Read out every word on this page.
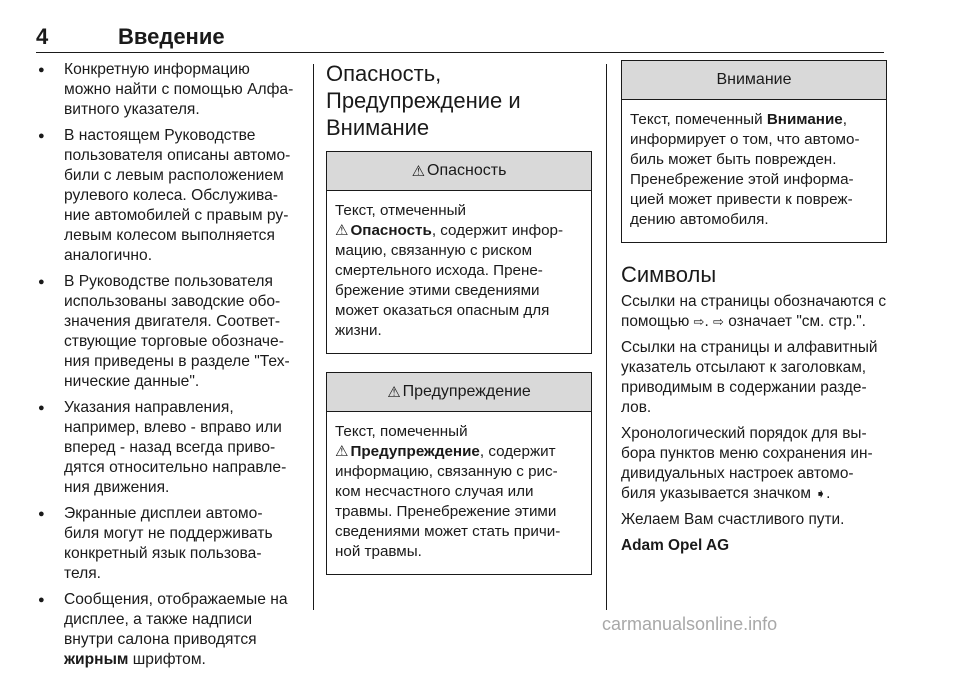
4	Введение
● Конкретную информацию можно найти с помощью Алфа- витного указателя.
● В настоящем Руководстве пользователя описаны автомо- били с левым расположением рулевого колеса. Обслужива- ние автомобилей с правым ру- левым колесом выполняется аналогично.
● В Руководстве пользователя использованы заводские обо- значения двигателя. Соответ- ствующие торговые обозначе- ния приведены в разделе "Тех- нические данные".
● Указания направления, например, влево - вправо или вперед - назад всегда приво- дятся относительно направле- ния движения.
● Экранные дисплеи автомо- биля могут не поддерживать конкретный язык пользова- теля.
● Сообщения, отображаемые на дисплее, а также надписи внутри салона приводятся жирным шрифтом.
Опасность, Предупреждение и Внимание
⚠ Опасность
Текст, отмеченный
⚠ Опасность, содержит инфор- мацию, связанную с риском смертельного исхода. Прене- брежение этими сведениями может оказаться опасным для жизни.
⚠ Предупреждение
Текст, помеченный
⚠ Предупреждение, содержит информацию, связанную с рис- ком несчастного случая или травмы. Пренебрежение этими сведениями может стать причи- ной травмы.
Внимание
Текст, помеченный Внимание, информирует о том, что автомо- биль может быть поврежден. Пренебрежение этой информа- цией может привести к повреж- дению автомобиля.
Символы

Ссылки на страницы обозначаются с помощью ⇨. ⇨ означает "см. стр.".

Ссылки на страницы и алфавитный указатель отсылают к заголовкам, приводимым в содержании разде- лов.

Хронологический порядок для вы- бора пунктов меню сохранения ин- дивидуальных настроек автомо- биля указывается значком ➧.

Желаем Вам счастливого пути.

Adam Opel AG

carmanualsonline.info
